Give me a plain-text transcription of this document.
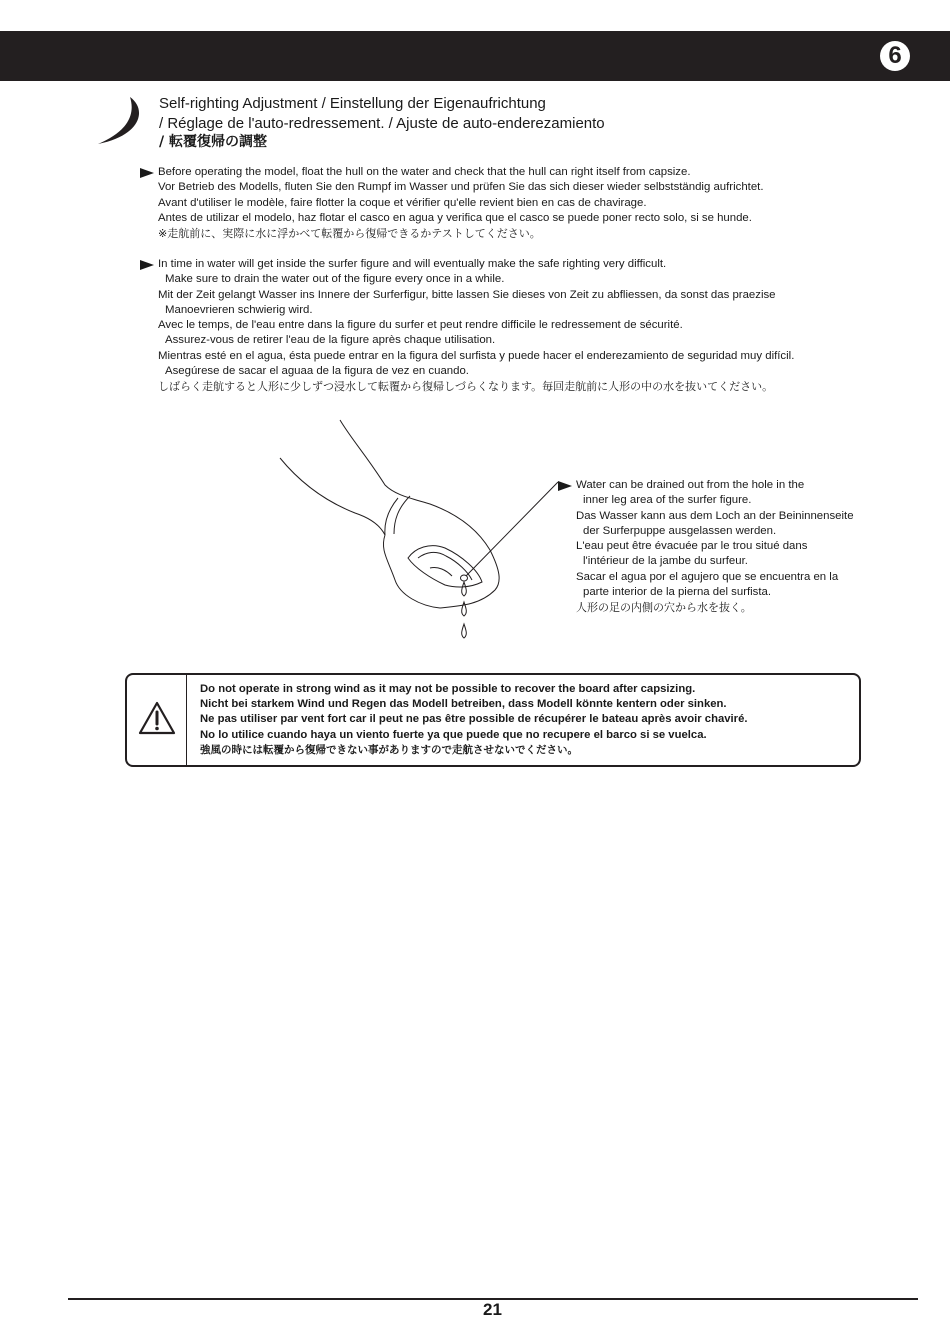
6
Self-righting Adjustment / Einstellung der Eigenaufrichtung
/ Réglage de l'auto-redressement. / Ajuste de auto-enderezamiento
/ 転覆復帰の調整
Before operating the model, float the hull on the water and check that the hull can right itself from capsize.
Vor Betrieb des Modells, fluten Sie den Rumpf im Wasser und prüfen Sie das sich dieser wieder selbstständig aufrichtet.
Avant d'utiliser le modèle, faire flotter la coque et vérifier qu'elle revient bien en cas de chavirage.
Antes de utilizar el modelo, haz flotar el casco en agua y verifica que el casco se puede poner recto solo, si se hunde.
※走航前に、実際に水に浮かべて転覆から復帰できるかテストしてください。
In time in water will get inside the surfer figure and will eventually make the safe righting very difficult.
Make sure to drain the water out of the figure every once in a while.
Mit der Zeit gelangt Wasser ins Innere der Surferfigur, bitte lassen Sie dieses von Zeit zu abfliessen, da sonst das praezise
Manoevrieren schwierig wird.
Avec le temps, de l'eau entre dans la figure du surfer et peut rendre difficile le redressement de sécurité.
Assurez-vous de retirer l'eau de la figure après chaque utilisation.
Mientras esté en el agua, ésta puede entrar en la figura del surfista y puede hacer el enderezamiento de seguridad muy difícil.
Asegúrese de sacar el aguaa de la figura de vez en cuando.
しばらく走航すると人形に少しずつ浸水して転覆から復帰しづらくなります。毎回走航前に人形の中の水を抜いてください。
Water can be drained out from the hole in the
inner leg area of the surfer figure.
Das Wasser kann aus dem Loch an der Beininnenseite
der Surferpuppe ausgelassen werden.
L'eau peut être évacuée par le trou situé dans
l'intérieur de la jambe du surfeur.
Sacar el agua por el agujero que se encuentra en la
parte interior de la pierna del surfista.
人形の足の内側の穴から水を抜く。
Do not operate in strong wind as it may not be possible to recover the board after capsizing.
Nicht bei starkem Wind und Regen das Modell betreiben, dass Modell könnte kentern oder sinken.
Ne pas utiliser par vent fort car il peut ne pas être possible de récupérer le bateau après avoir chaviré.
No lo utilice cuando haya un viento fuerte ya que puede que no recupere el barco si se vuelca.
強風の時には転覆から復帰できない事がありますので走航させないでください。
21
